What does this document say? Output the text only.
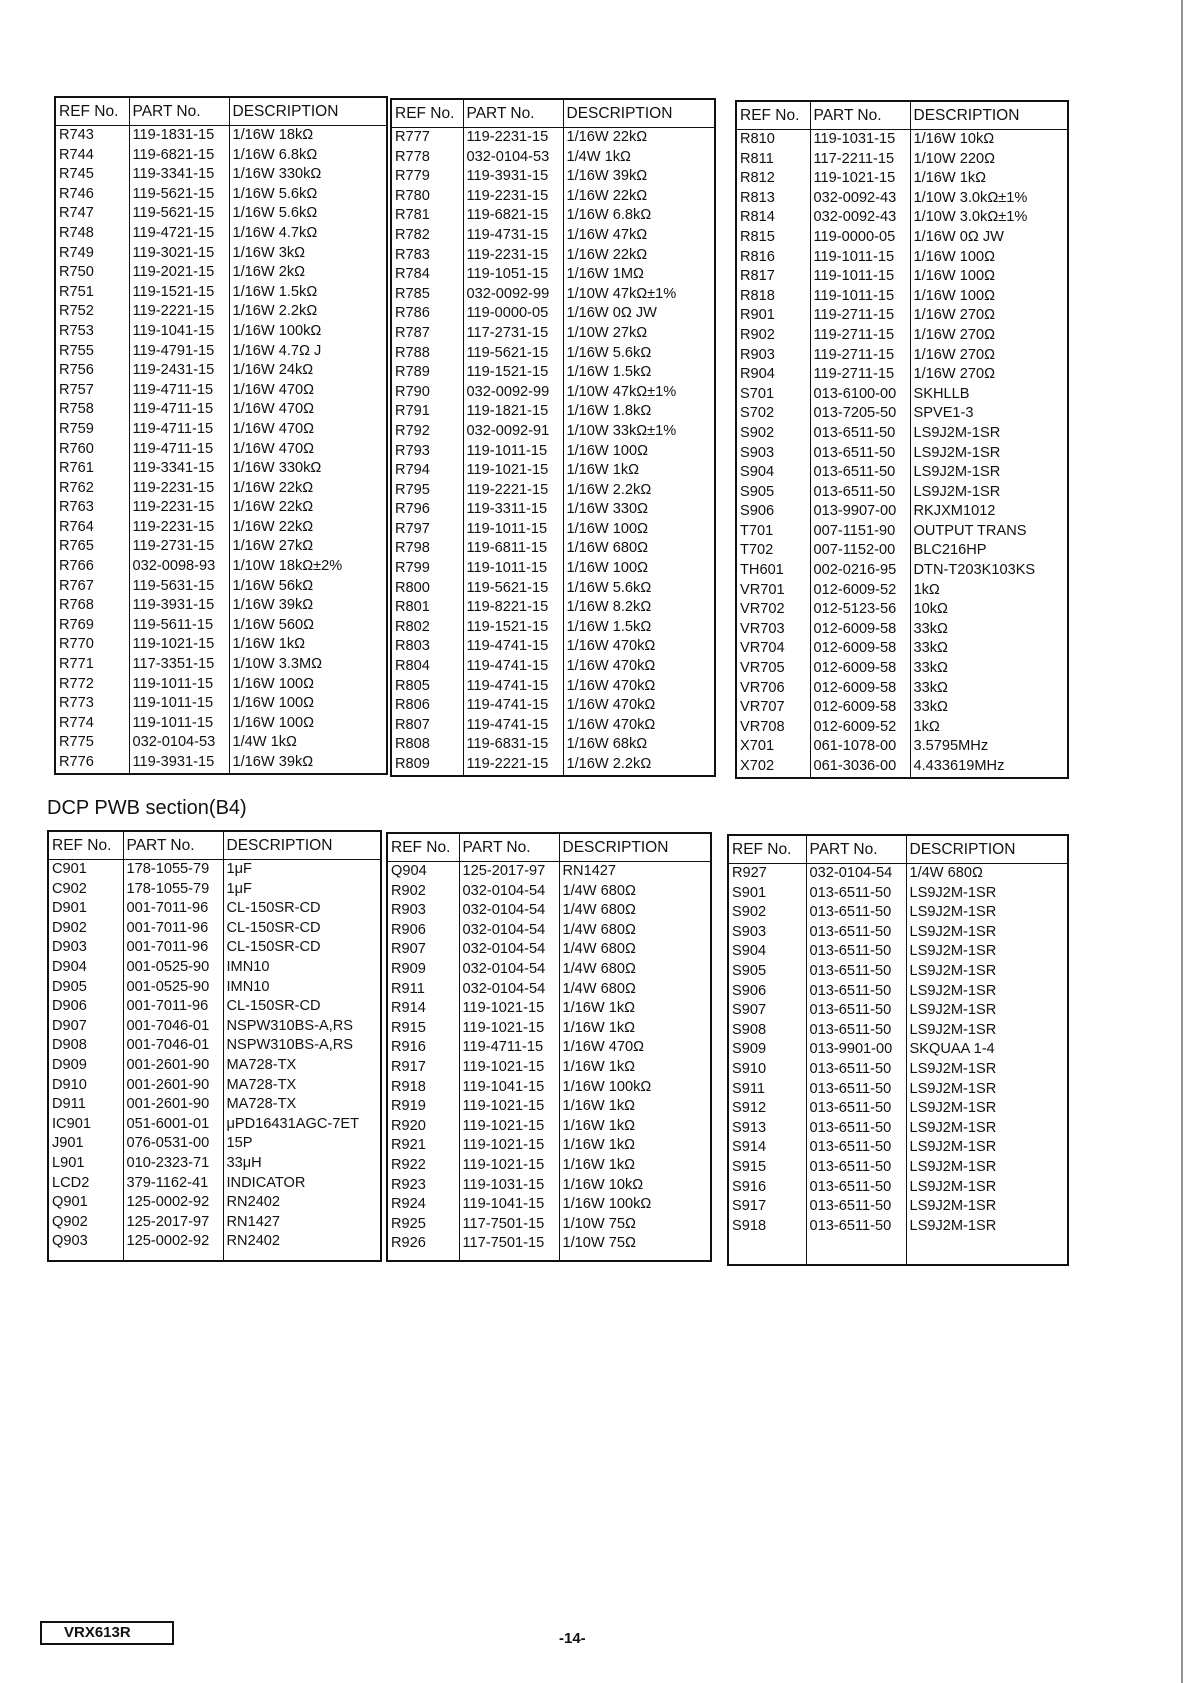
REF No.	PART No.	DESCRIPTION
R743	119-1831-15	1/16W 18kΩ
R744	119-6821-15	1/16W 6.8kΩ
R745	119-3341-15	1/16W 330kΩ
R746	119-5621-15	1/16W 5.6kΩ
R747	119-5621-15	1/16W 5.6kΩ
R748	119-4721-15	1/16W 4.7kΩ
R749	119-3021-15	1/16W 3kΩ
R750	119-2021-15	1/16W 2kΩ
R751	119-1521-15	1/16W 1.5kΩ
R752	119-2221-15	1/16W 2.2kΩ
R753	119-1041-15	1/16W 100kΩ
R755	119-4791-15	1/16W 4.7Ω J
R756	119-2431-15	1/16W 24kΩ
R757	119-4711-15	1/16W 470Ω
R758	119-4711-15	1/16W 470Ω
R759	119-4711-15	1/16W 470Ω
R760	119-4711-15	1/16W 470Ω
R761	119-3341-15	1/16W 330kΩ
R762	119-2231-15	1/16W 22kΩ
R763	119-2231-15	1/16W 22kΩ
R764	119-2231-15	1/16W 22kΩ
R765	119-2731-15	1/16W 27kΩ
R766	032-0098-93	1/10W 18kΩ±2%
R767	119-5631-15	1/16W 56kΩ
R768	119-3931-15	1/16W 39kΩ
R769	119-5611-15	1/16W 560Ω
R770	119-1021-15	1/16W 1kΩ
R771	117-3351-15	1/10W 3.3MΩ
R772	119-1011-15	1/16W 100Ω
R773	119-1011-15	1/16W 100Ω
R774	119-1011-15	1/16W 100Ω
R775	032-0104-53	1/4W 1kΩ
R776	119-3931-15	1/16W 39kΩ
REF No.	PART No.	DESCRIPTION
R777	119-2231-15	1/16W 22kΩ
R778	032-0104-53	1/4W 1kΩ
R779	119-3931-15	1/16W 39kΩ
R780	119-2231-15	1/16W 22kΩ
R781	119-6821-15	1/16W 6.8kΩ
R782	119-4731-15	1/16W 47kΩ
R783	119-2231-15	1/16W 22kΩ
R784	119-1051-15	1/16W 1MΩ
R785	032-0092-99	1/10W 47kΩ±1%
R786	119-0000-05	1/16W 0Ω JW
R787	117-2731-15	1/10W 27kΩ
R788	119-5621-15	1/16W 5.6kΩ
R789	119-1521-15	1/16W 1.5kΩ
R790	032-0092-99	1/10W 47kΩ±1%
R791	119-1821-15	1/16W 1.8kΩ
R792	032-0092-91	1/10W 33kΩ±1%
R793	119-1011-15	1/16W 100Ω
R794	119-1021-15	1/16W 1kΩ
R795	119-2221-15	1/16W 2.2kΩ
R796	119-3311-15	1/16W 330Ω
R797	119-1011-15	1/16W 100Ω
R798	119-6811-15	1/16W 680Ω
R799	119-1011-15	1/16W 100Ω
R800	119-5621-15	1/16W 5.6kΩ
R801	119-8221-15	1/16W 8.2kΩ
R802	119-1521-15	1/16W 1.5kΩ
R803	119-4741-15	1/16W 470kΩ
R804	119-4741-15	1/16W 470kΩ
R805	119-4741-15	1/16W 470kΩ
R806	119-4741-15	1/16W 470kΩ
R807	119-4741-15	1/16W 470kΩ
R808	119-6831-15	1/16W 68kΩ
R809	119-2221-15	1/16W 2.2kΩ
REF No.	PART No.	DESCRIPTION
R810	119-1031-15	1/16W 10kΩ
R811	117-2211-15	1/10W 220Ω
R812	119-1021-15	1/16W 1kΩ
R813	032-0092-43	1/10W 3.0kΩ±1%
R814	032-0092-43	1/10W 3.0kΩ±1%
R815	119-0000-05	1/16W 0Ω JW
R816	119-1011-15	1/16W 100Ω
R817	119-1011-15	1/16W 100Ω
R818	119-1011-15	1/16W 100Ω
R901	119-2711-15	1/16W 270Ω
R902	119-2711-15	1/16W 270Ω
R903	119-2711-15	1/16W 270Ω
R904	119-2711-15	1/16W 270Ω
S701	013-6100-00	SKHLLB
S702	013-7205-50	SPVE1-3
S902	013-6511-50	LS9J2M-1SR
S903	013-6511-50	LS9J2M-1SR
S904	013-6511-50	LS9J2M-1SR
S905	013-6511-50	LS9J2M-1SR
S906	013-9907-00	RKJXM1012
T701	007-1151-90	OUTPUT TRANS
T702	007-1152-00	BLC216HP
TH601	002-0216-95	DTN-T203K103KS
VR701	012-6009-52	1kΩ
VR702	012-5123-56	10kΩ
VR703	012-6009-58	33kΩ
VR704	012-6009-58	33kΩ
VR705	012-6009-58	33kΩ
VR706	012-6009-58	33kΩ
VR707	012-6009-58	33kΩ
VR708	012-6009-52	1kΩ
X701	061-1078-00	3.5795MHz
X702	061-3036-00	4.433619MHz
DCP PWB section(B4)
REF No.	PART No.	DESCRIPTION
C901	178-1055-79	1μF
C902	178-1055-79	1μF
D901	001-7011-96	CL-150SR-CD
D902	001-7011-96	CL-150SR-CD
D903	001-7011-96	CL-150SR-CD
D904	001-0525-90	IMN10
D905	001-0525-90	IMN10
D906	001-7011-96	CL-150SR-CD
D907	001-7046-01	NSPW310BS-A,RS
D908	001-7046-01	NSPW310BS-A,RS
D909	001-2601-90	MA728-TX
D910	001-2601-90	MA728-TX
D911	001-2601-90	MA728-TX
IC901	051-6001-01	μPD16431AGC-7ET
J901	076-0531-00	15P
L901	010-2323-71	33μH
LCD2	379-1162-41	INDICATOR
Q901	125-0002-92	RN2402
Q902	125-2017-97	RN1427
Q903	125-0002-92	RN2402

REF No.	PART No.	DESCRIPTION
Q904	125-2017-97	RN1427
R902	032-0104-54	1/4W 680Ω
R903	032-0104-54	1/4W 680Ω
R906	032-0104-54	1/4W 680Ω
R907	032-0104-54	1/4W 680Ω
R909	032-0104-54	1/4W 680Ω
R911	032-0104-54	1/4W 680Ω
R914	119-1021-15	1/16W 1kΩ
R915	119-1021-15	1/16W 1kΩ
R916	119-4711-15	1/16W 470Ω
R917	119-1021-15	1/16W 1kΩ
R918	119-1041-15	1/16W 100kΩ
R919	119-1021-15	1/16W 1kΩ
R920	119-1021-15	1/16W 1kΩ
R921	119-1021-15	1/16W 1kΩ
R922	119-1021-15	1/16W 1kΩ
R923	119-1031-15	1/16W 10kΩ
R924	119-1041-15	1/16W 100kΩ
R925	117-7501-15	1/10W 75Ω
R926	117-7501-15	1/10W 75Ω

REF No.	PART No.	DESCRIPTION
R927	032-0104-54	1/4W 680Ω
S901	013-6511-50	LS9J2M-1SR
S902	013-6511-50	LS9J2M-1SR
S903	013-6511-50	LS9J2M-1SR
S904	013-6511-50	LS9J2M-1SR
S905	013-6511-50	LS9J2M-1SR
S906	013-6511-50	LS9J2M-1SR
S907	013-6511-50	LS9J2M-1SR
S908	013-6511-50	LS9J2M-1SR
S909	013-9901-00	SKQUAA 1-4
S910	013-6511-50	LS9J2M-1SR
S911	013-6511-50	LS9J2M-1SR
S912	013-6511-50	LS9J2M-1SR
S913	013-6511-50	LS9J2M-1SR
S914	013-6511-50	LS9J2M-1SR
S915	013-6511-50	LS9J2M-1SR
S916	013-6511-50	LS9J2M-1SR
S917	013-6511-50	LS9J2M-1SR
S918	013-6511-50	LS9J2M-1SR

VRX613R	-14-
